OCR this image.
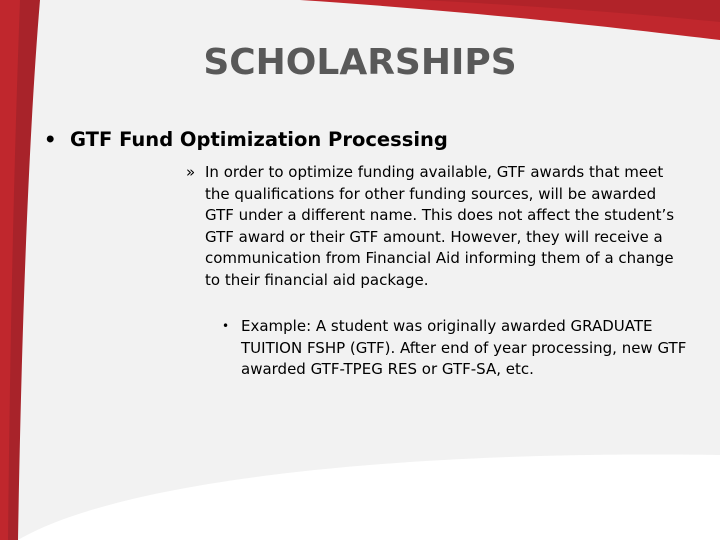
SCHOLARSHIPS
• GTF Fund Optimization Processing
» In order to optimize funding available, GTF awards that meet the qualifications for other funding sources, will be awarded GTF under a different name. This does not affect the student’s GTF award or their GTF amount. However, they will receive a communication from Financial Aid informing them of a change to their financial aid package.
• Example: A student was originally awarded GRADUATE TUITION FSHP (GTF). After end of year processing, new GTF awarded GTF-TPEG RES or GTF-SA, etc.
